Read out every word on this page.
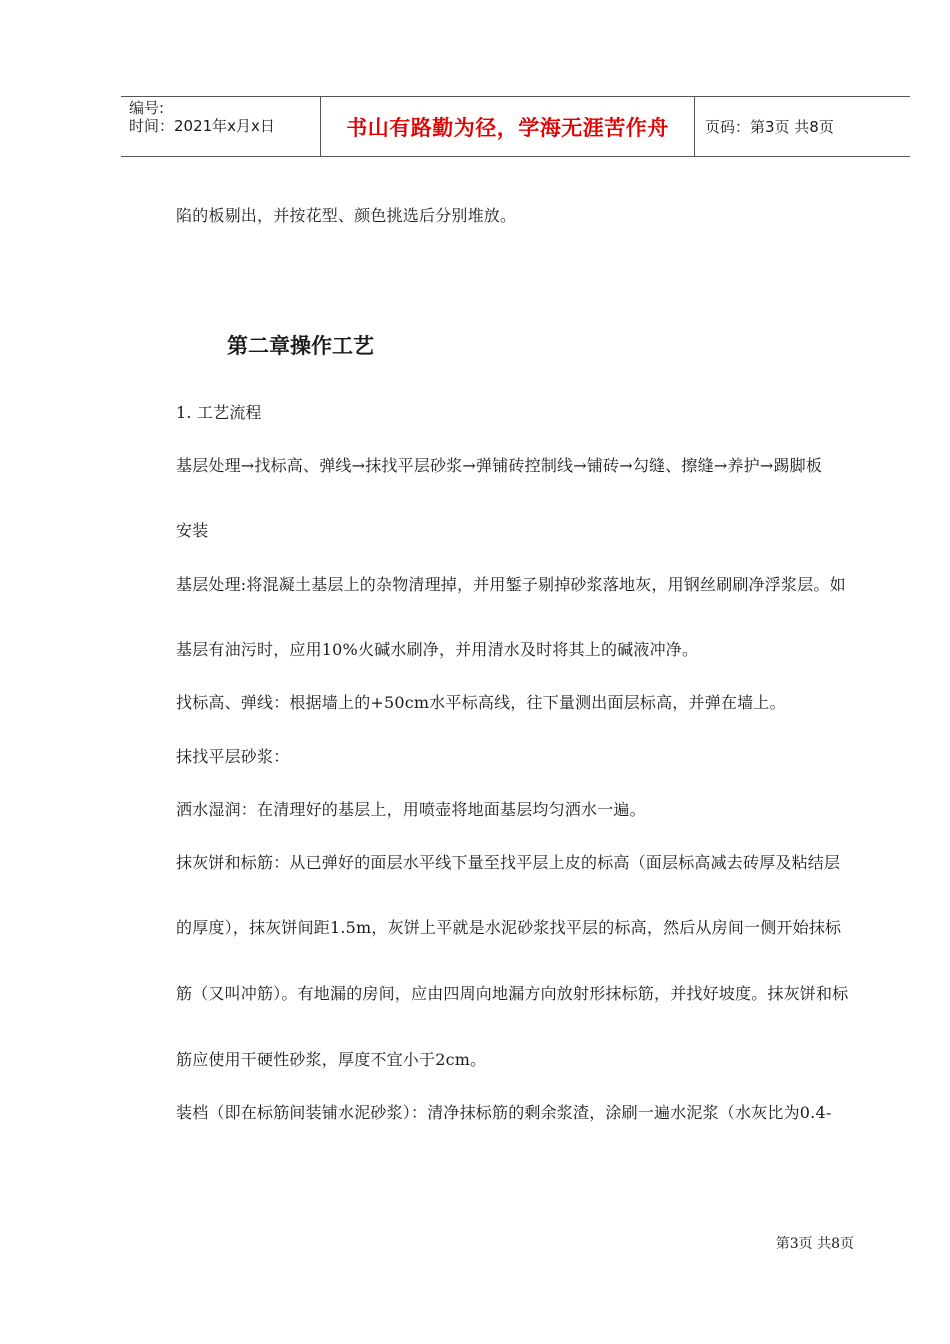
编号:
时间：2021年x月x日	书山有路勤为径，学海无涯苦作舟 页码：第3页 共8页
陷的板剔出，并按花型、颜色挑选后分别堆放。
第二章操作工艺
1. 工艺流程
基层处理→找标高、弹线→抹找平层砂浆→弹铺砖控制线→铺砖→勾缝、擦缝→养护→踢脚板
安装
基层处理:将混凝土基层上的杂物清理掉，并用錾子剔掉砂浆落地灰，用钢丝刷刷净浮浆层。如
基层有油污时，应用10%火碱水刷净，并用清水及时将其上的碱液冲净。
找标高、弹线：根据墙上的+50cm水平标高线，往下量测出面层标高，并弹在墙上。
抹找平层砂浆：
洒水湿润：在清理好的基层上，用喷壶将地面基层均匀洒水一遍。
抹灰饼和标筋：从已弹好的面层水平线下量至找平层上皮的标高（面层标高减去砖厚及粘结层
的厚度），抹灰饼间距1.5m，灰饼上平就是水泥砂浆找平层的标高，然后从房间一侧开始抹标
筋（又叫冲筋）。有地漏的房间，应由四周向地漏方向放射形抹标筋，并找好坡度。抹灰饼和标
筋应使用干硬性砂浆，厚度不宜小于2cm。
装档（即在标筋间装铺水泥砂浆）：清净抹标筋的剩余浆渣，涂刷一遍水泥浆（水灰比为0.4-
第3页 共8页
